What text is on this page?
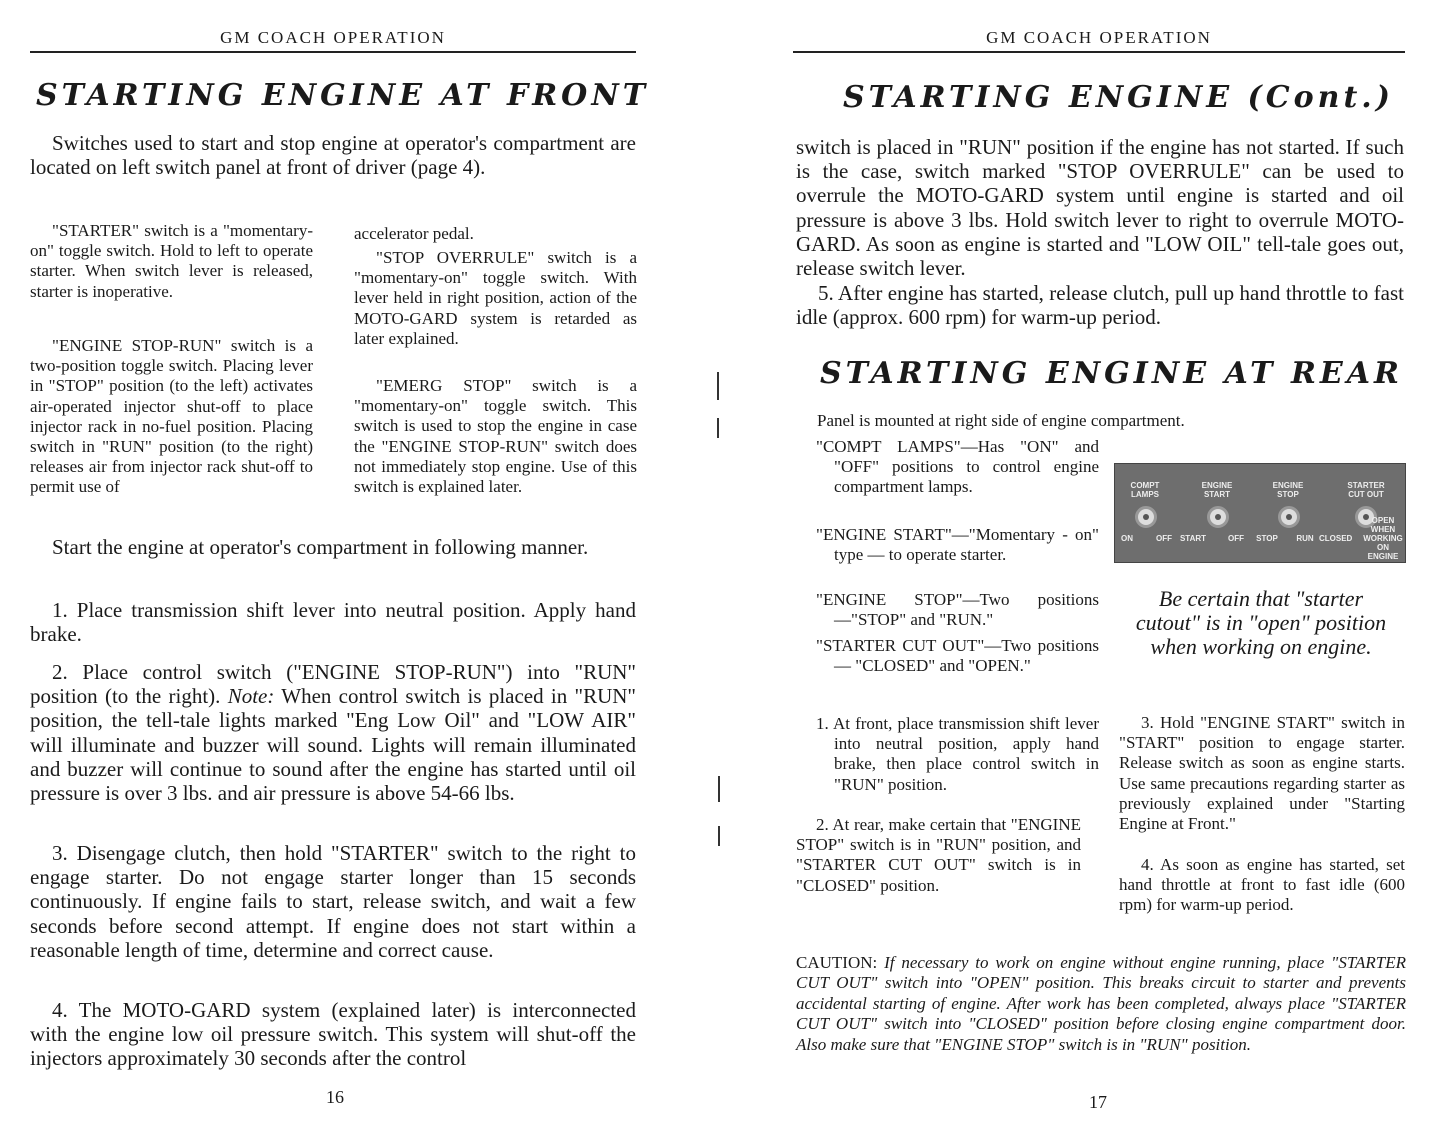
GM COACH OPERATION
STARTING ENGINE AT FRONT

Switches used to start and stop engine at operator's compartment are located on left switch panel at front of driver (page 4).

"STARTER" switch is a "momentary-on" toggle switch. Hold to left to operate starter. When switch lever is released, starter is inoperative.

"ENGINE STOP-RUN" switch is a two-position toggle switch. Placing lever in "STOP" position (to the left) activates air-operated injector shut-off to place injector rack in no-fuel position. Placing switch in "RUN" position (to the right) releases air from injector rack shut-off to permit use of

accelerator pedal.

"STOP OVERRULE" switch is a "momentary-on" toggle switch. With lever held in right position, action of the MOTO-GARD system is retarded as later explained.

"EMERG STOP" switch is a "momentary-on" toggle switch. This switch is used to stop the engine in case the "ENGINE STOP-RUN" switch does not immediately stop engine. Use of this switch is explained later.

Start the engine at operator's compartment in following manner.

1. Place transmission shift lever into neutral position. Apply hand brake.

2. Place control switch ("ENGINE STOP-RUN") into "RUN" position (to the right). Note: When control switch is placed in "RUN" position, the tell-tale lights marked "Eng Low Oil" and "LOW AIR" will illuminate and buzzer will sound. Lights will remain illuminated and buzzer will continue to sound after the engine has started until oil pressure is over 3 lbs. and air pressure is above 54-66 lbs.

3. Disengage clutch, then hold "STARTER" switch to the right to engage starter. Do not engage starter longer than 15 seconds continuously. If engine fails to start, release switch, and wait a few seconds before second attempt. If engine does not start within a reasonable length of time, determine and correct cause.

4. The MOTO-GARD system (explained later) is interconnected with the engine low oil pressure switch. This system will shut-off the injectors approximately 30 seconds after the control

16
GM COACH OPERATION
STARTING ENGINE (Cont.)

switch is placed in "RUN" position if the engine has not started. If such is the case, switch marked "STOP OVERRULE" can be used to overrule the MOTO-GARD system until engine is started and oil pressure is above 3 lbs. Hold switch lever to right to overrule MOTO-GARD. As soon as engine is started and "LOW OIL" tell-tale goes out, release switch lever.

5. After engine has started, release clutch, pull up hand throttle to fast idle (approx. 600 rpm) for warm-up period.

STARTING ENGINE AT REAR

Panel is mounted at right side of engine compartment.

"COMPT LAMPS"—Has "ON" and "OFF" positions to control engine compartment lamps.

"ENGINE START"—"Momentary - on" type — to operate starter.

"ENGINE STOP"—Two positions—"STOP" and "RUN."

"STARTER CUT OUT"—Two positions — "CLOSED" and "OPEN."

COMPT LAMPS
ENGINE START
ENGINE STOP
STARTER CUT OUT
ON	OFF START	OFF STOP RUN CLOSED
OPEN WHEN WORKING ON ENGINE
Be certain that "starter cutout" is in "open" position when working on engine.

1. At front, place transmission shift lever into neutral position, apply hand brake, then place control switch in "RUN" position.

2. At rear, make certain that "ENGINE STOP" switch is in "RUN" position, and "STARTER CUT OUT" switch is in "CLOSED" position.

3. Hold "ENGINE START" switch in "START" position to engage starter. Release switch as soon as engine starts. Use same precautions regarding starter as previously explained under "Starting Engine at Front."

4. As soon as engine has started, set hand throttle at front to fast idle (600 rpm) for warm-up period.

CAUTION: If necessary to work on engine without engine running, place "STARTER CUT OUT" switch into "OPEN" position. This breaks circuit to starter and prevents accidental starting of engine. After work has been completed, always place "STARTER CUT OUT" switch into "CLOSED" position before closing engine compartment door. Also make sure that "ENGINE STOP" switch is in "RUN" position.

17
